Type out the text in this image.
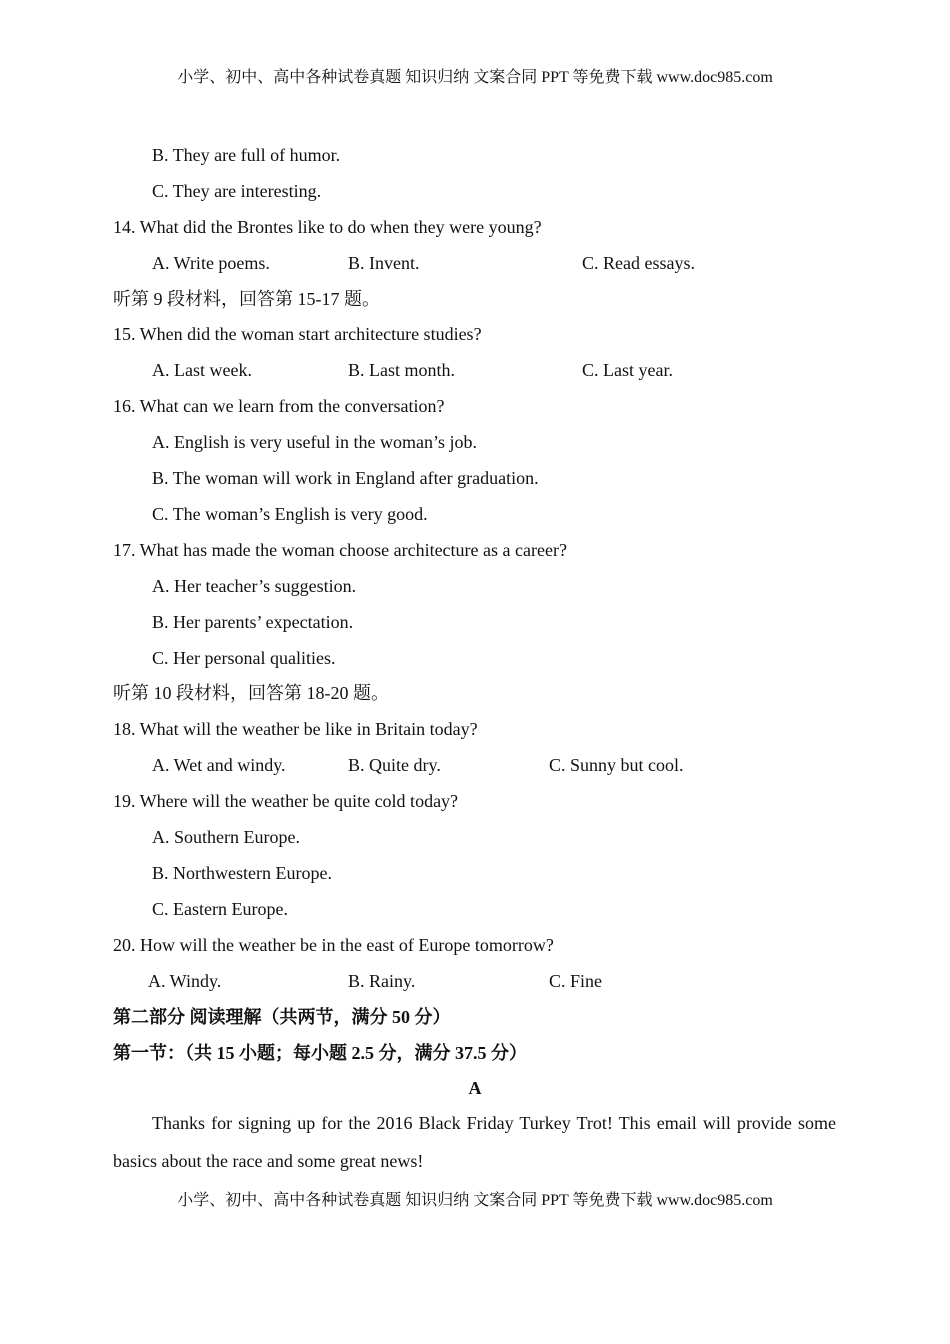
小学、初中、高中各种试卷真题 知识归纳 文案合同 PPT 等免费下载 www.doc985.com
B. They are full of humor.
C. They are interesting.
14. What did the Brontes like to do when they were young?
A. Write poems.	B. Invent.	C. Read essays.
听第 9 段材料，回答第 15-17 题。
15. When did the woman start architecture studies?
A. Last week.	B. Last month.	C. Last year.
16. What can we learn from the conversation?
A. English is very useful in the woman’s job.
B. The woman will work in England after graduation.
C. The woman’s English is very good.
17. What has made the woman choose architecture as a career?
A. Her teacher’s suggestion.
B. Her parents’ expectation.
C. Her personal qualities.
听第 10 段材料，回答第 18-20 题。
18. What will the weather be like in Britain today?
A. Wet and windy.	B. Quite dry.	C. Sunny but cool.
19. Where will the weather be quite cold today?
A. Southern Europe.
B. Northwestern Europe.
C. Eastern Europe.
20. How will the weather be in the east of Europe tomorrow?
A. Windy.	B. Rainy.	C. Fine
第二部分 阅读理解（共两节，满分 50 分）
第一节：（共 15 小题；每小题 2.5 分，满分 37.5 分）
A
Thanks for signing up for the 2016 Black Friday Turkey Trot! This email will provide some basics about the race and some great news!
小学、初中、高中各种试卷真题 知识归纳 文案合同 PPT 等免费下载 www.doc985.com
